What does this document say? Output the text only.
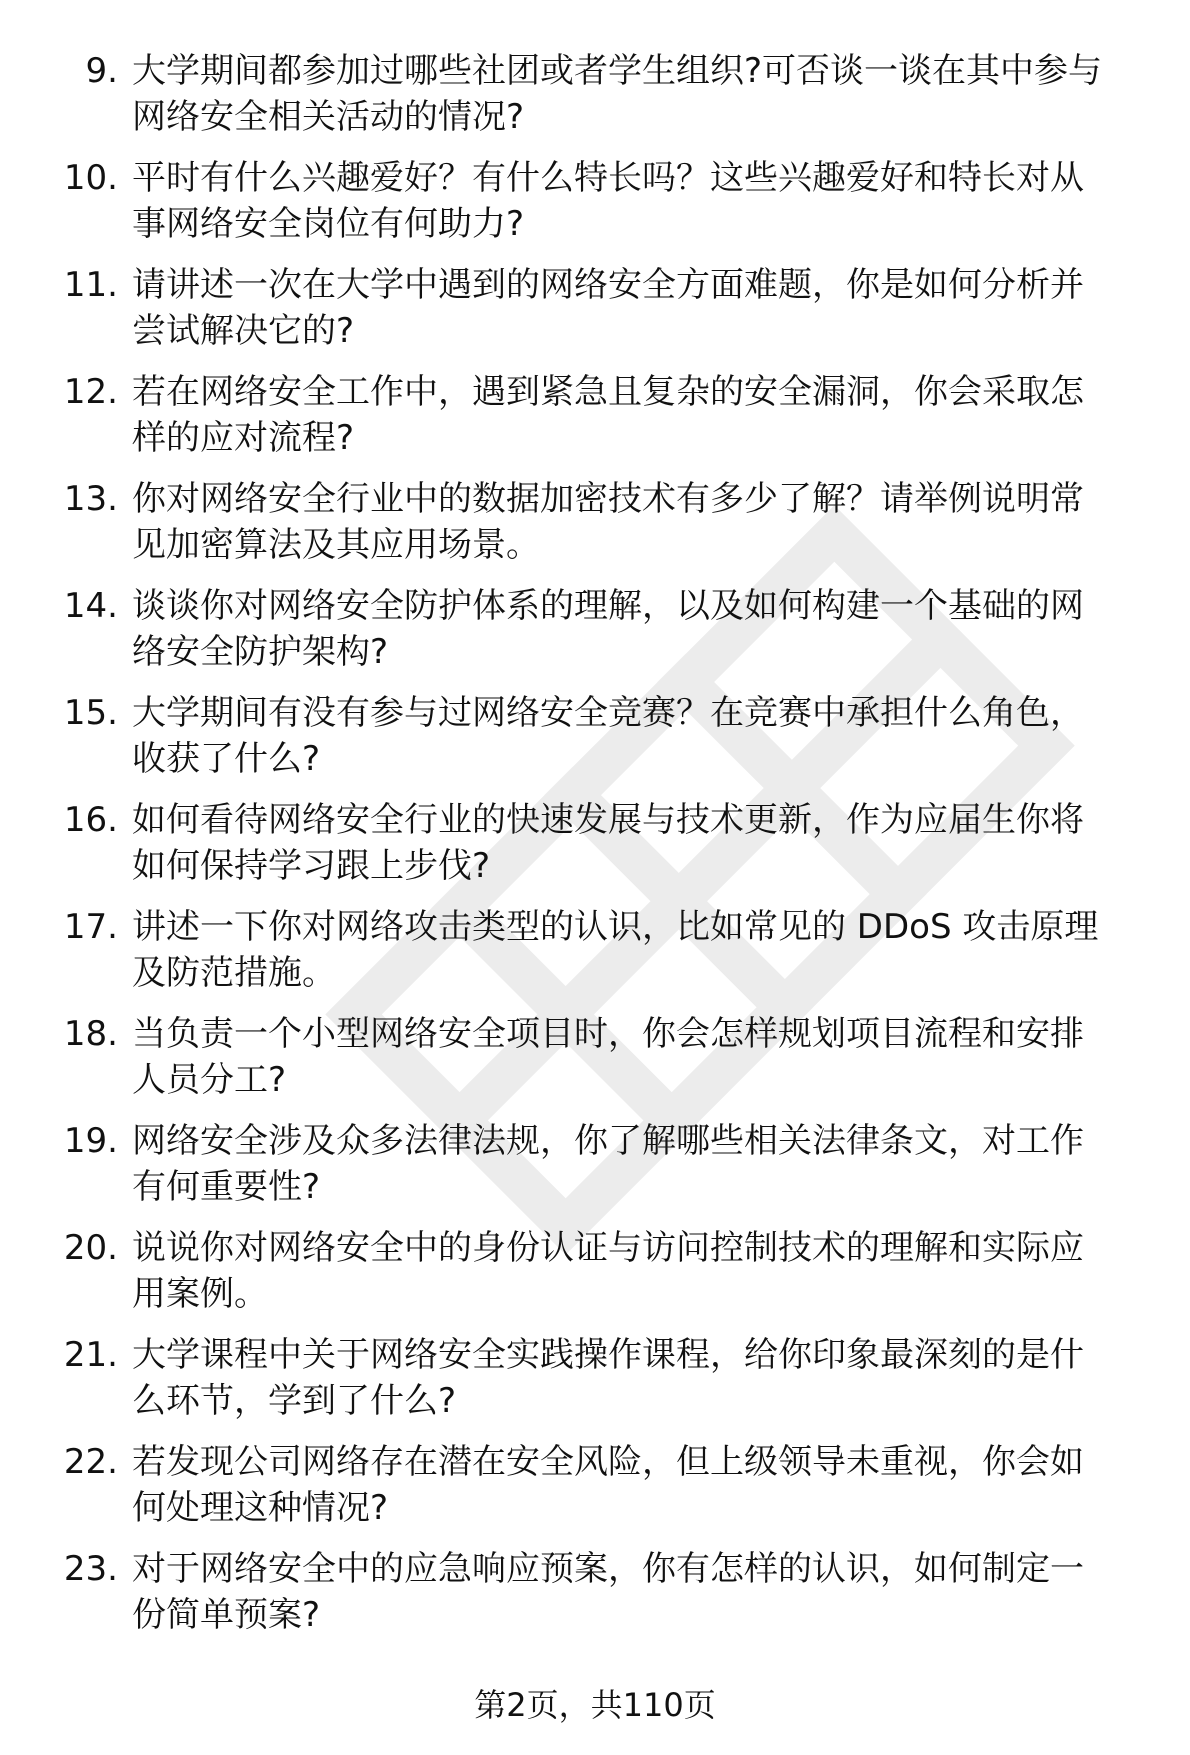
9. 大学期间都参加过哪些社团或者学生组织?可否谈一谈在其中参与
网络安全相关活动的情况?
10. 平时有什么兴趣爱好？有什么特长吗？这些兴趣爱好和特长对从
事网络安全岗位有何助力?
11. 请讲述一次在大学中遇到的网络安全方面难题，你是如何分析并
尝试解决它的?
12. 若在网络安全工作中，遇到紧急且复杂的安全漏洞，你会采取怎
样的应对流程?
13. 你对网络安全行业中的数据加密技术有多少了解？请举例说明常
见加密算法及其应用场景。
14. 谈谈你对网络安全防护体系的理解，以及如何构建一个基础的网
络安全防护架构?
15. 大学期间有没有参与过网络安全竞赛？在竞赛中承担什么角色，
收获了什么?
16. 如何看待网络安全行业的快速发展与技术更新，作为应届生你将
如何保持学习跟上步伐?
17. 讲述一下你对网络攻击类型的认识，比如常见的 DDoS 攻击原理
及防范措施。
18. 当负责一个小型网络安全项目时，你会怎样规划项目流程和安排
人员分工?
19. 网络安全涉及众多法律法规，你了解哪些相关法律条文，对工作
有何重要性?
20. 说说你对网络安全中的身份认证与访问控制技术的理解和实际应
用案例。
21. 大学课程中关于网络安全实践操作课程，给你印象最深刻的是什
么环节，学到了什么?
22. 若发现公司网络存在潜在安全风险，但上级领导未重视，你会如
何处理这种情况?
23. 对于网络安全中的应急响应预案，你有怎样的认识，如何制定一
份简单预案?
第2页，共110页
